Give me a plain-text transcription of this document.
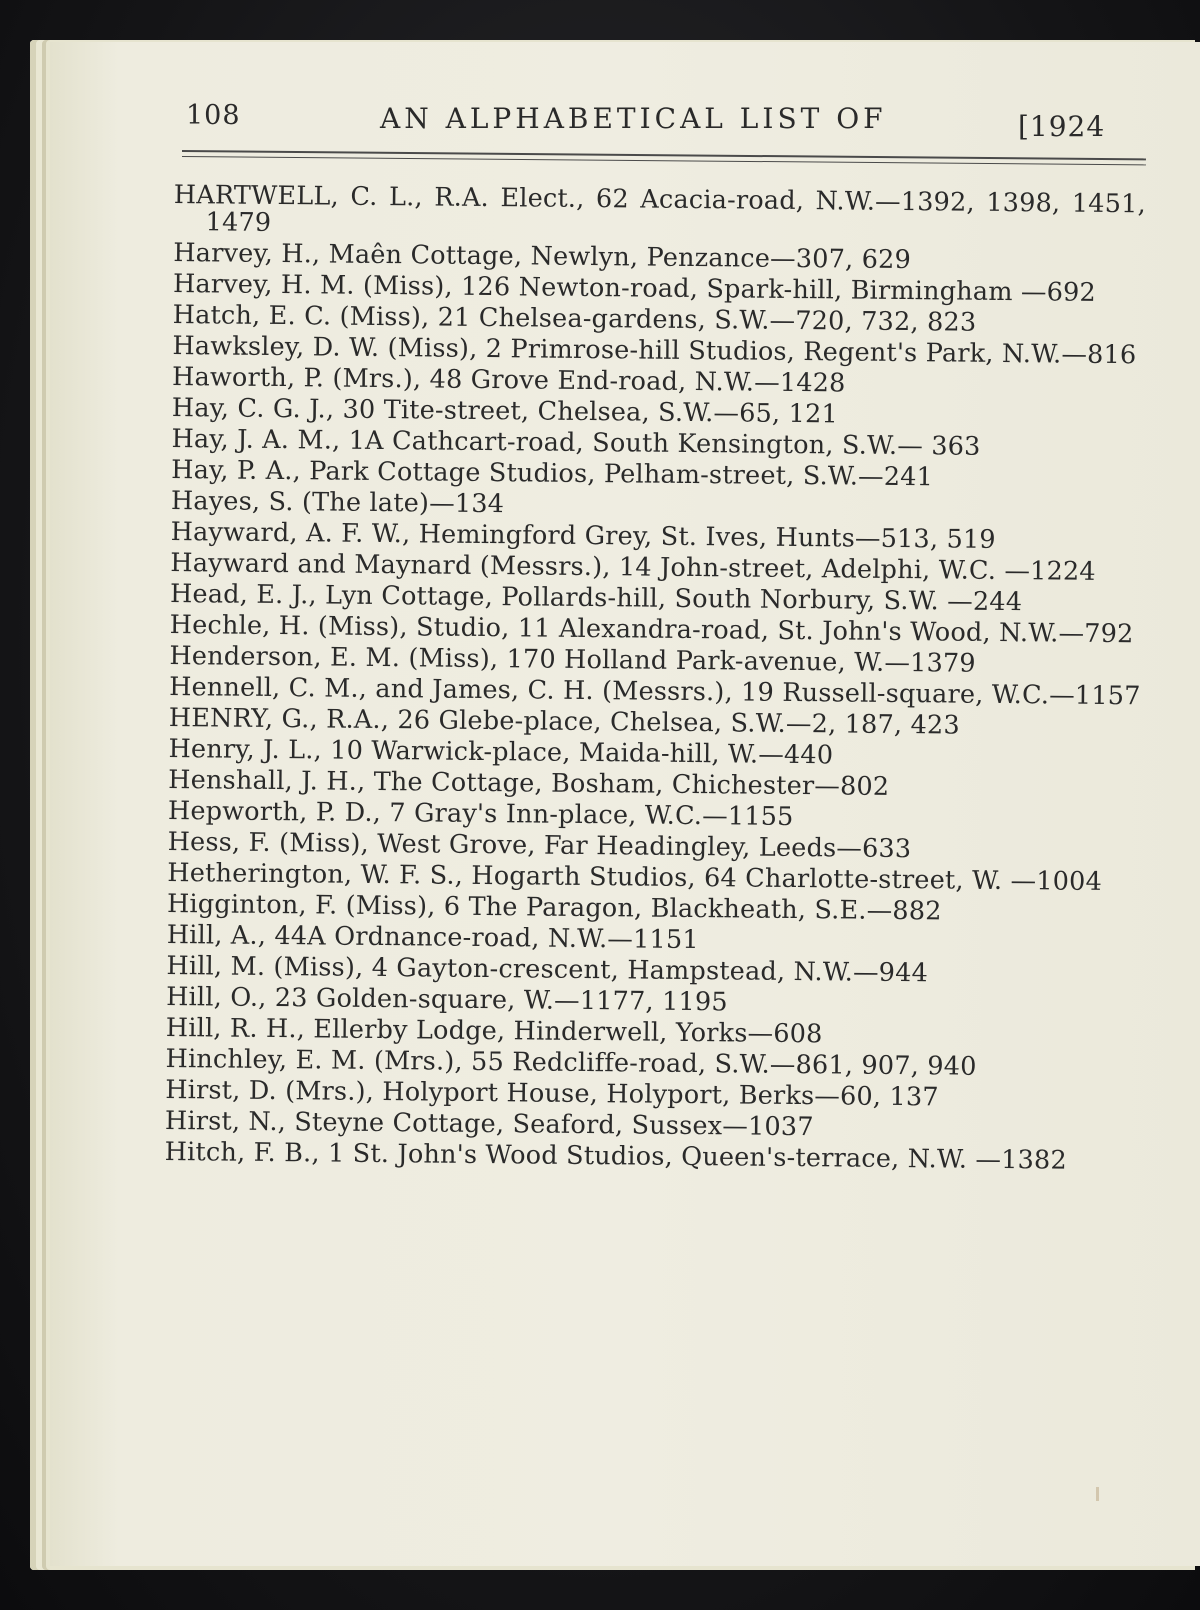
108	AN ALPHABETICAL LIST OF	[1924
HARTWELL, C. L., R.A. Elect., 62 Acacia-road, N.W.—1392, 1398, 1451, 1479
Harvey, H., Maên Cottage, Newlyn, Penzance—307, 629
Harvey, H. M. (Miss), 126 Newton-road, Spark-hill, Birmingham —692
Hatch, E. C. (Miss), 21 Chelsea-gardens, S.W.—720, 732, 823
Hawksley, D. W. (Miss), 2 Primrose-hill Studios, Regent's Park, N.W.—816
Haworth, P. (Mrs.), 48 Grove End-road, N.W.—1428
Hay, C. G. J., 30 Tite-street, Chelsea, S.W.—65, 121
Hay, J. A. M., 1A Cathcart-road, South Kensington, S.W.— 363
Hay, P. A., Park Cottage Studios, Pelham-street, S.W.—241
Hayes, S. (The late)—134
Hayward, A. F. W., Hemingford Grey, St. Ives, Hunts—513, 519
Hayward and Maynard (Messrs.), 14 John-street, Adelphi, W.C. —1224
Head, E. J., Lyn Cottage, Pollards-hill, South Norbury, S.W. —244
Hechle, H. (Miss), Studio, 11 Alexandra-road, St. John's Wood, N.W.—792
Henderson, E. M. (Miss), 170 Holland Park-avenue, W.—1379
Hennell, C. M., and James, C. H. (Messrs.), 19 Russell-square, W.C.—1157
HENRY, G., R.A., 26 Glebe-place, Chelsea, S.W.—2, 187, 423
Henry, J. L., 10 Warwick-place, Maida-hill, W.—440
Henshall, J. H., The Cottage, Bosham, Chichester—802
Hepworth, P. D., 7 Gray's Inn-place, W.C.—1155
Hess, F. (Miss), West Grove, Far Headingley, Leeds—633
Hetherington, W. F. S., Hogarth Studios, 64 Charlotte-street, W. —1004
Higginton, F. (Miss), 6 The Paragon, Blackheath, S.E.—882
Hill, A., 44A Ordnance-road, N.W.—1151
Hill, M. (Miss), 4 Gayton-crescent, Hampstead, N.W.—944
Hill, O., 23 Golden-square, W.—1177, 1195
Hill, R. H., Ellerby Lodge, Hinderwell, Yorks—608
Hinchley, E. M. (Mrs.), 55 Redcliffe-road, S.W.—861, 907, 940
Hirst, D. (Mrs.), Holyport House, Holyport, Berks—60, 137
Hirst, N., Steyne Cottage, Seaford, Sussex—1037
Hitch, F. B., 1 St. John's Wood Studios, Queen's-terrace, N.W. —1382
